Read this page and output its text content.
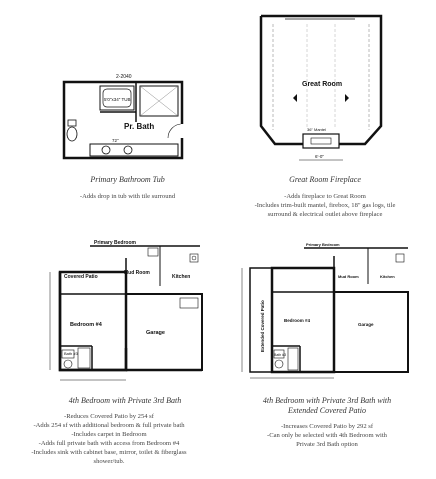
2-2040
5'0"x34" TUB
Pr. Bath
72"
Primary Bathroom Tub
-Adds drop in tub with tile surround
Great Room
36" Mantel
6'-0"
Great Room Fireplace
-Adds fireplace to Great Room
-Includes trim-built mantel, firebox, 18" gas logs, tile
surround & electrical outlet above fireplace
Primary Bedroom
Covered Patio
Mud Room
Kitchen
Bedroom #4
Bath #3
Garage
4th Bedroom with Private 3rd Bath
-Reduces Covered Patio by 254 sf
-Adds 254 sf with additional bedroom & full private bath
-Includes carpet in Bedroom
-Adds full private bath with access from Bedroom #4
-Includes sink with cabinet base, mirror, toilet & fiberglass
shower/tub.
Primary Bedroom
Extended Covered Patio
Mud Room	Kitchen
Bedroom #4
Bath #3
Garage
4th Bedroom with Private 3rd Bath with
Extended Covered Patio
-Increases Covered Patio by 292 sf
-Can only be selected with 4th Bedroom with
Private 3rd Bath option
